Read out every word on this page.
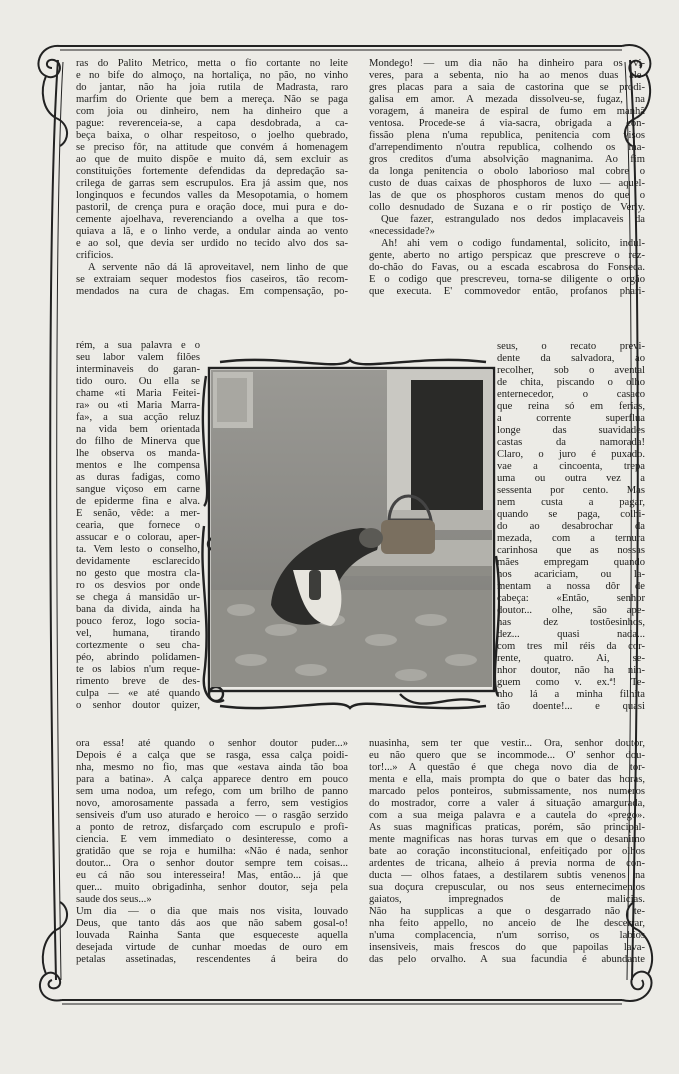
ras do Palito Metrico, metta o fio cortante no leite

e no bife do almoço, na hortaliça, no pão, no vinho

do jantar, não ha joia rutila de Madrasta, raro

marfim do Oriente que bem a mereça. Não se paga

com joia ou dinheiro, nem ha dinheiro que a

pague: reverenceia-se, a capa desdobrada, a ca-

beça baixa, o olhar respeitoso, o joelho quebrado,

se preciso fôr, na attitude que convém á homenagem

ao que de muito dispõe e muito dá, sem excluir as

constituições fortemente defendidas da depredação sa-

crilega de garras sem escrupulos. Era já assim que, nos

longinquos e fecundos valles da Mesopotamia, o homem

pastoril, de crença pura e oração doce, mui pura e do-

cemente ajoelhava, reverenciando a ovelha a que tos-

quiava a lã, e o linho verde, a ondular ainda ao vento

e ao sol, que devia ser urdido no tecido alvo dos sa-

crificios.

A servente não dá lã aproveitavel, nem linho de que

se extraiam sequer modestos fios caseiros, tão recom-

mendados na cura de chagas. Em compensação, po-

rém, a sua palavra e o

seu labor valem filões

interminaveis do garan-

tido ouro. Ou ella se

chame «ti Maria Feitei-

ra» ou «ti Maria Marra-

fa», a sua acção reluz

na vida bem orientada

do filho de Minerva que

lhe observa os manda-

mentos e lhe compensa

as duras fadigas, como

sangue viçoso em carne

de epiderme fina e alva.

E senão, vêde: a mer-

cearia, que fornece o

assucar e o colorau, aper-

ta. Vem lesto o conselho,

devidamente esclarecido

no gesto que mostra cla-

ro os desvios por onde

se chega á mansidão ur-

bana da divida, ainda ha

pouco feroz, logo socia-

vel, humana, tirando

cortezmente o seu cha-

péo, abrindo polidamen-

te os labios n'um reque-

rimento breve de des-

culpa — «e até quando

o senhor doutor quizer,

ora essa! até quando o senhor doutor puder...»

Depois é a calça que se rasga, essa calça poidi-

nha, mesmo no fio, mas que «estava ainda tão boa

para a batina». A calça apparece dentro em pouco

sem uma nodoa, um refego, com um brilho de panno

novo, amorosamente passada a ferro, sem vestigios

sensiveis d'um uso aturado e heroico — o rasgão serzido

a ponto de retroz, disfarçado com escrupulo e profi-

ciencia. E vem immediato o desinteresse, como a

gratidão que se roja e humilha: «Não é nada, senhor

doutor... Ora o senhor doutor sempre tem coisas...

eu cá não sou interesseira! Mas, então... já que

quer... muito obrigadinha, senhor doutor, seja pela

saude dos seus...»

Um dia — o dia que mais nos visita, louvado

Deus, que tanto dás aos que não sabem gosal-o!

louvada Rainha Santa que esqueceste aquella

desejada virtude de cunhar moedas de ouro em

petalas assetinadas, rescendentes á beira do

Mondego! — um dia não ha dinheiro para os vi-

veres, para a sebenta, nio ha ao menos duas ale-

gres placas para a saia de castorina que se prodi-

galisa em amor. A mezada dissolveu-se, fugaz, na

voragem, á maneira de espiral de fumo em manhã

ventosa. Procede-se á via-sacra, obrigada a con-

fissão plena n'uma republica, penitencia com visos

d'arrependimento n'outra republica, colhendo os ma-

gros creditos d'uma absolvição magnanima. Ao fim

da longa penitencia o obolo laborioso mal cobre o

custo de duas caixas de phosphoros de luxo — aquel-

las de que os phosphoros custam menos do que o

collo desnudado de Suzana e o rir postiço de Verly.

Que fazer, estrangulado nos dedos implacaveis da

«necessidade?»

Ah! ahi vem o codigo fundamental, solicito, indul-

gente, aberto no artigo perspicaz que prescreve o rez-

do-chão do Favas, ou a escada escabrosa do Fonseca.

E o codigo que prescreveu, torna-se diligente o orgão

que executa. E' commovedor então, profanos phari-

seus, o recato previ-

dente da salvadora, ao

recolher, sob o avental

de chita, piscando o olho

enternecedor, o casaco

que reina só em ferias,

a corrente superflua

longe das suavidades

castas da namorada!

Claro, o juro é puxado.

vae a cincoenta, trepa

uma ou outra vez a

sessenta por cento. Mas

nem custa a pagar,

quando se paga, colhi-

do ao desabrochar da

mezada, com a ternura

carinhosa que as nossas

mães empregam quando

nos acariciam, ou la-

mentam a nossa dôr de

cabeça: «Então, senhor

doutor... olhe, são ape-

nas dez tostõesinhos,

dez... quasi nada...

com tres mil réis da cor-

rente, quatro. Ai, se-

nhor doutor, não ha nin-

guem como v. ex.ª! Te-

nho lá a minha filhita

tão doente!... e quasi

nuasinha, sem ter que vestir... Ora, senhor doutor,

eu não quero que se incommode... O' senhor dou-

tor!...» A questão é que chega novo dia de tor-

menta e ella, mais prompta do que o bater das horas,

marcado pelos ponteiros, submissamente, nos numeros

do mostrador, corre a valer á situação amargurada,

com a sua meiga palavra e a cautela do «prego».

As suas magnificas praticas, porém, são principal-

mente magnificas nas horas turvas em que o desanimo

bate ao coração inconstitucional, enfeitiçado por olhos

ardentes de tricana, alheio á previa norma de con-

ducta — olhos fataes, a destilarem subtis venenos na

sua doçura crepuscular, ou nos seus enternecimentos

gaiatos, impregnados de malicias.

Não ha supplicas a que o desgarrado não te-

nha feito appello, no anceio de lhe descerrar,

n'uma complacencia, n'um sorriso, os labios

insensiveis, mais frescos do que papoilas lava-

das pelo orvalho. A sua facundia é abundante
